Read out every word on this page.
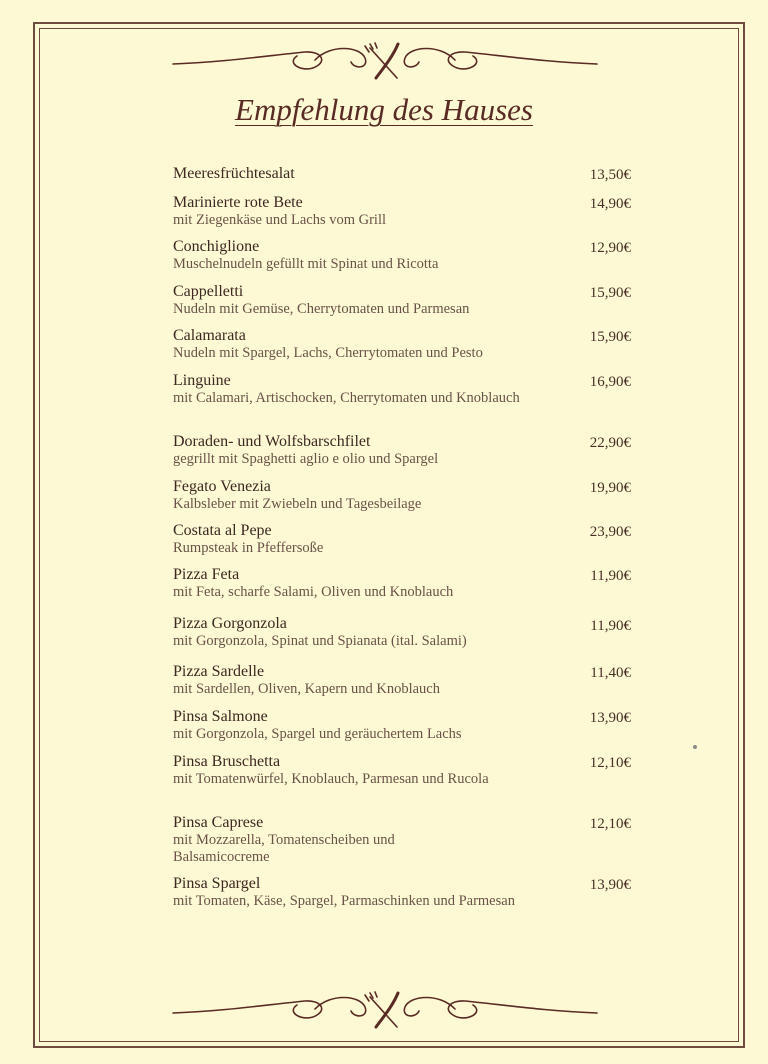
Empfehlung des Hauses
Meeresfrüchtesalat	13,50€
Marinierte rote Bete
mit Ziegenkäse und Lachs vom Grill
14,90€
Conchiglione
Muschelnudeln gefüllt mit Spinat und Ricotta
12,90€
Cappelletti
Nudeln mit Gemüse, Cherrytomaten und Parmesan
15,90€
Calamarata
Nudeln mit Spargel, Lachs, Cherrytomaten und Pesto
15,90€
Linguine
mit Calamari, Artischocken, Cherrytomaten und Knoblauch
16,90€
Doraden- und Wolfsbarschfilet
gegrillt mit Spaghetti aglio e olio und Spargel
22,90€
Fegato Venezia
Kalbsleber mit Zwiebeln und Tagesbeilage
19,90€
Costata al Pepe
Rumpsteak in Pfeffersoße
23,90€
Pizza Feta
mit Feta, scharfe Salami, Oliven und Knoblauch
11,90€
Pizza Gorgonzola
mit Gorgonzola, Spinat und Spianata (ital. Salami)
11,90€
Pizza Sardelle
mit Sardellen, Oliven, Kapern und Knoblauch
11,40€
Pinsa Salmone
mit Gorgonzola, Spargel und geräuchertem Lachs
13,90€
Pinsa Bruschetta
mit Tomatenwürfel, Knoblauch, Parmesan und Rucola
12,10€
Pinsa Caprese
mit Mozzarella, Tomatenscheiben und Balsamicocreme
12,10€
Pinsa Spargel
mit Tomaten, Käse, Spargel, Parmaschinken und Parmesan
13,90€
